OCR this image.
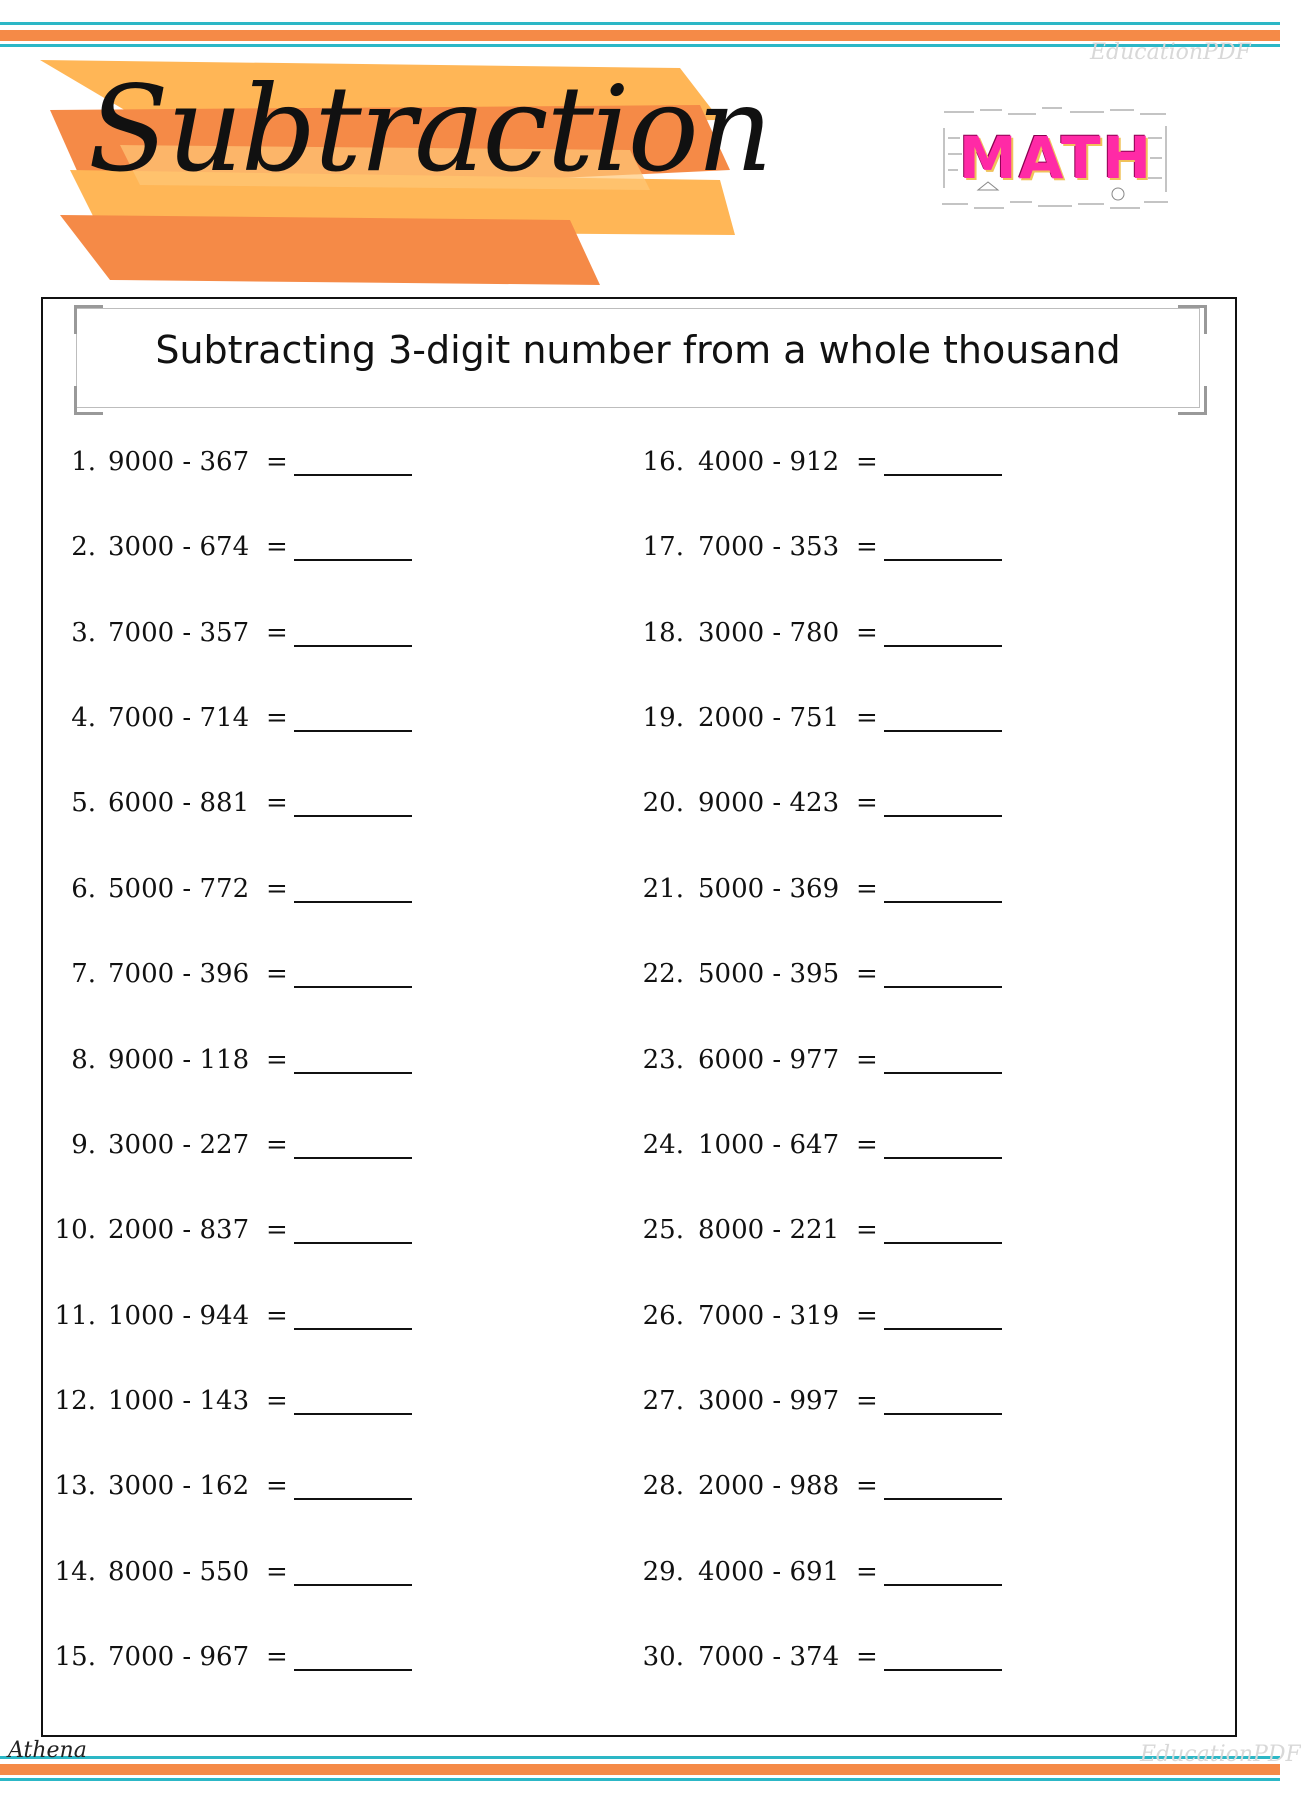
Subtraction	MATH
EducationPDF
EducationPDF
Subtracting 3-digit number from a whole thousand
1. 9000 - 367 =
2. 3000 - 674 =
3. 7000 - 357 =
4. 7000 - 714 =
5. 6000 - 881 =
6. 5000 - 772 =
7. 7000 - 396 =
8. 9000 - 118 =
9. 3000 - 227 =
10. 2000 - 837 =
11. 1000 - 944 =
12. 1000 - 143 =
13. 3000 - 162 =
14. 8000 - 550 =
15. 7000 - 967 =
16. 4000 - 912 =
17. 7000 - 353 =
18. 3000 - 780 =
19. 2000 - 751 =
20. 9000 - 423 =
21. 5000 - 369 =
22. 5000 - 395 =
23. 6000 - 977 =
24. 1000 - 647 =
25. 8000 - 221 =
26. 7000 - 319 =
27. 3000 - 997 =
28. 2000 - 988 =
29. 4000 - 691 =
30. 7000 - 374 =
Athena
